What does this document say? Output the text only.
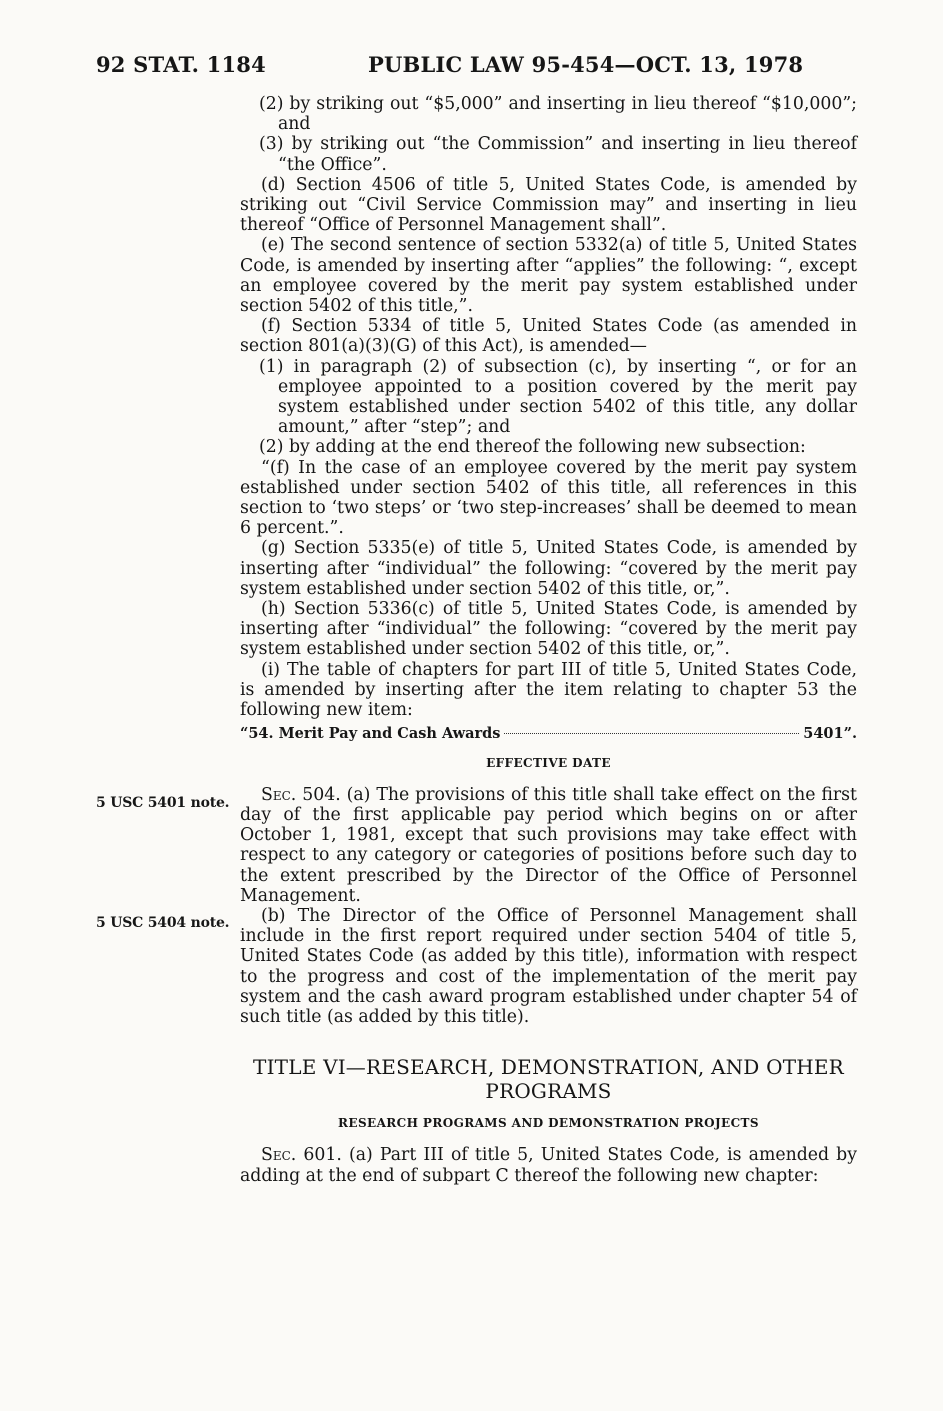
92 STAT. 1184	PUBLIC LAW 95-454—OCT. 13, 1978
5 USC 5401 note.
5 USC 5404 note.

(2) by striking out “$5,000” and inserting in lieu thereof “$10,000”; and

(3) by striking out “the Commission” and inserting in lieu thereof “the Office”.

(d) Section 4506 of title 5, United States Code, is amended by striking out “Civil Service Commission may” and inserting in lieu thereof “Office of Personnel Management shall”.

(e) The second sentence of section 5332(a) of title 5, United States Code, is amended by inserting after “applies” the following: “, except an employee covered by the merit pay system established under section 5402 of this title,”.

(f) Section 5334 of title 5, United States Code (as amended in section 801(a)(3)(G) of this Act), is amended—

(1) in paragraph (2) of subsection (c), by inserting “, or for an employee appointed to a position covered by the merit pay system established under section 5402 of this title, any dollar amount,” after “step”; and

(2) by adding at the end thereof the following new subsection:

“(f) In the case of an employee covered by the merit pay system established under section 5402 of this title, all references in this section to ‘two steps’ or ‘two step-increases’ shall be deemed to mean 6 percent.”.

(g) Section 5335(e) of title 5, United States Code, is amended by inserting after “individual” the following: “covered by the merit pay system established under section 5402 of this title, or,”.

(h) Section 5336(c) of title 5, United States Code, is amended by inserting after “individual” the following: “covered by the merit pay system established under section 5402 of this title, or,”.

(i) The table of chapters for part III of title 5, United States Code, is amended by inserting after the item relating to chapter 53 the following new item:

“54. Merit Pay and Cash Awards	5401”.
EFFECTIVE DATE

Sec. 504. (a) The provisions of this title shall take effect on the first day of the first applicable pay period which begins on or after October 1, 1981, except that such provisions may take effect with respect to any category or categories of positions before such day to the extent prescribed by the Director of the Office of Personnel Management.

(b) The Director of the Office of Personnel Management shall include in the first report required under section 5404 of title 5, United States Code (as added by this title), information with respect to the progress and cost of the implementation of the merit pay system and the cash award program established under chapter 54 of such title (as added by this title).

TITLE VI—RESEARCH, DEMONSTRATION, AND OTHER
PROGRAMS
RESEARCH PROGRAMS AND DEMONSTRATION PROJECTS

Sec. 601. (a) Part III of title 5, United States Code, is amended by adding at the end of subpart C thereof the following new chapter:
